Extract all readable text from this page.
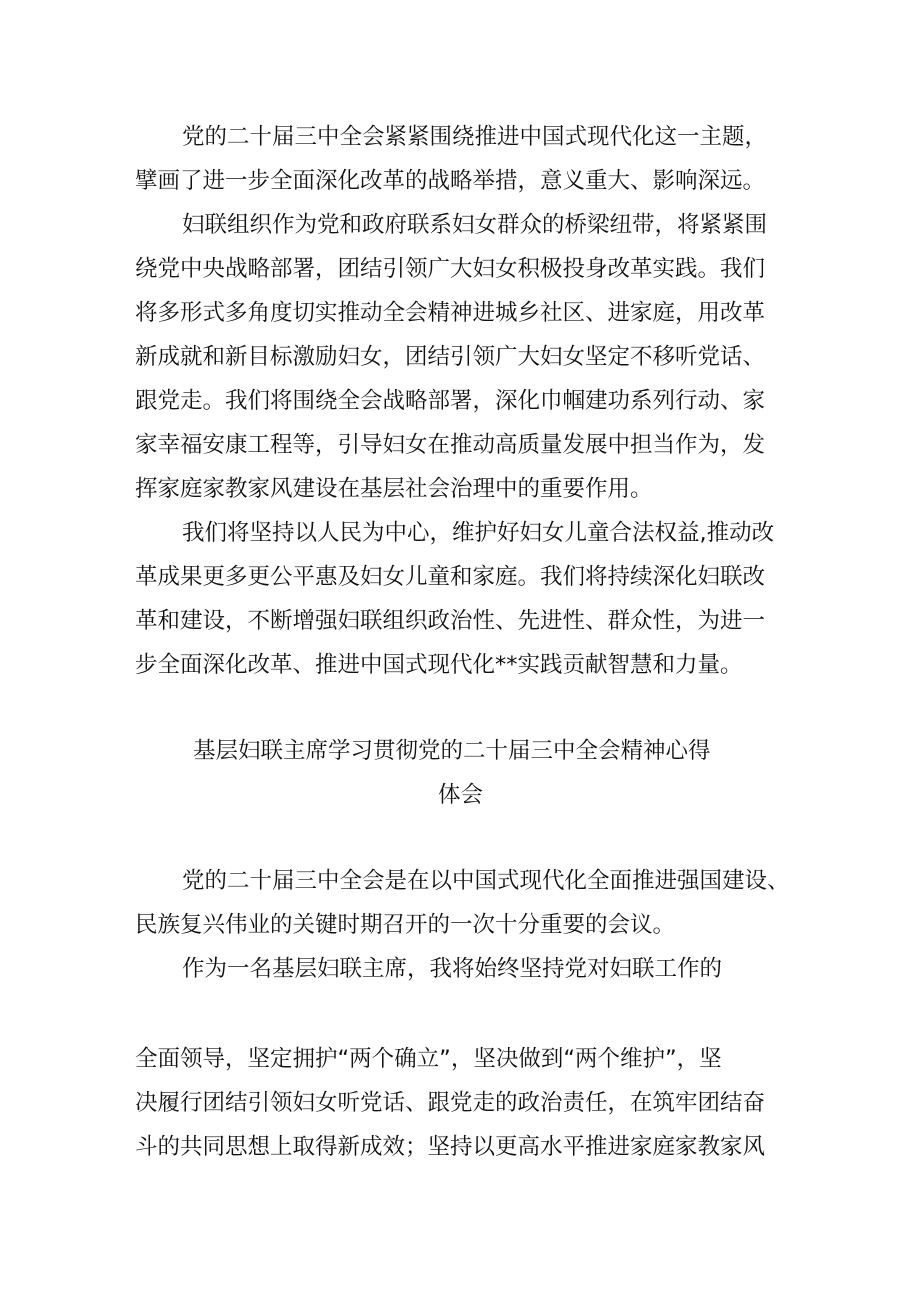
党的二十届三中全会紧紧围绕推进中国式现代化这一主题，
擘画了进一步全面深化改革的战略举措，意义重大、影响深远。
妇联组织作为党和政府联系妇女群众的桥梁纽带，将紧紧围
绕党中央战略部署，团结引领广大妇女积极投身改革实践。我们
将多形式多角度切实推动全会精神进城乡社区、进家庭，用改革
新成就和新目标激励妇女，团结引领广大妇女坚定不移听党话、
跟党走。我们将围绕全会战略部署，深化巾帼建功系列行动、家
家幸福安康工程等，引导妇女在推动高质量发展中担当作为，发
挥家庭家教家风建设在基层社会治理中的重要作用。
我们将坚持以人民为中心，维护好妇女儿童合法权益,推动改
革成果更多更公平惠及妇女儿童和家庭。我们将持续深化妇联改
革和建设，不断增强妇联组织政治性、先进性、群众性，为进一
步全面深化改革、推进中国式现代化**实践贡献智慧和力量。
基层妇联主席学习贯彻党的二十届三中全会精神心得
体会
党的二十届三中全会是在以中国式现代化全面推进强国建设、
民族复兴伟业的关键时期召开的一次十分重要的会议。
作为一名基层妇联主席，我将始终坚持党对妇联工作的
全面领导，坚定拥护“两个确立”，坚决做到“两个维护”，坚
决履行团结引领妇女听党话、跟党走的政治责任，在筑牢团结奋
斗的共同思想上取得新成效；坚持以更高水平推进家庭家教家风
